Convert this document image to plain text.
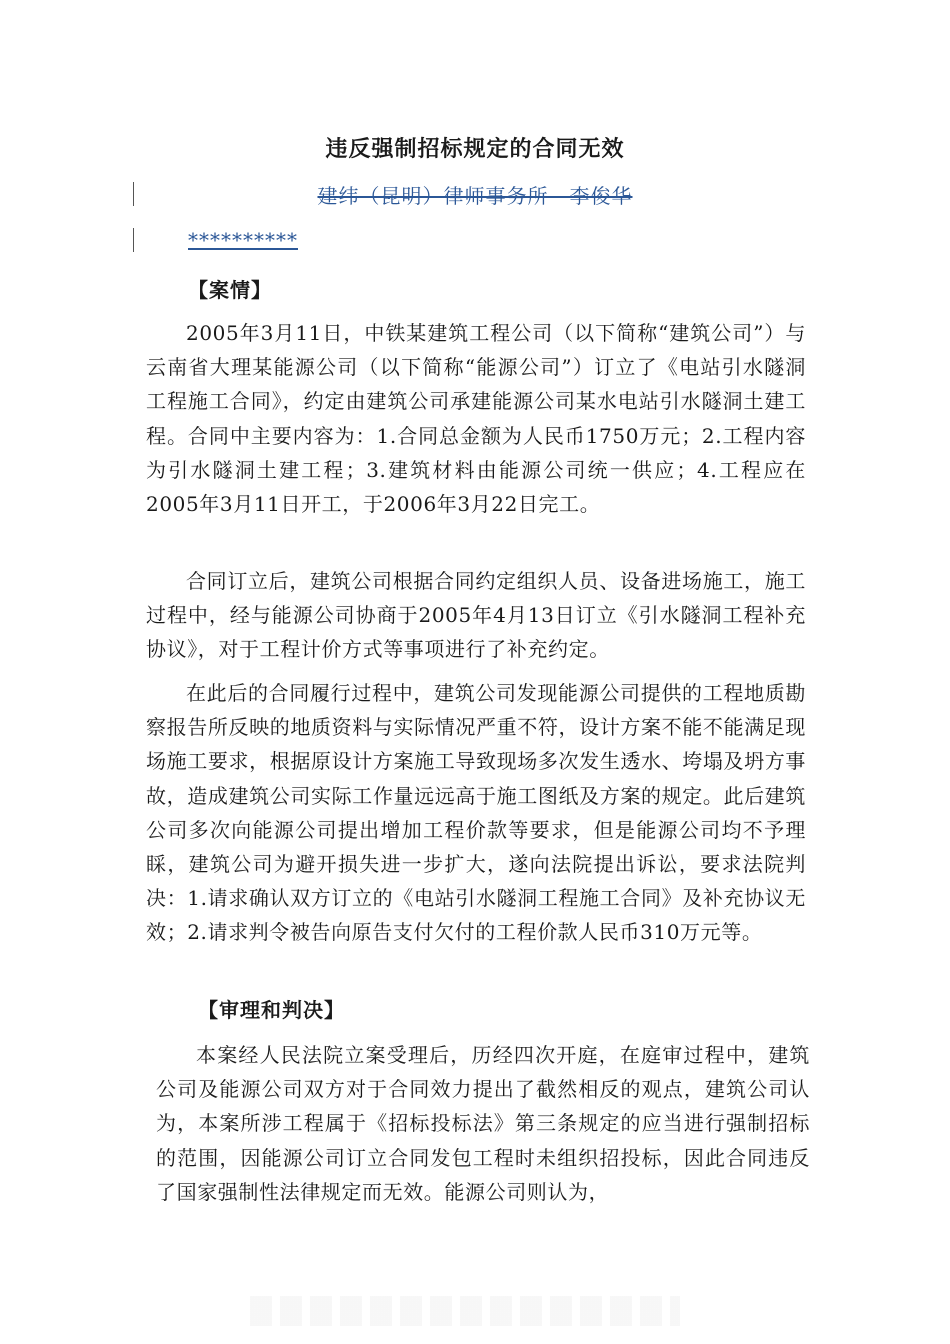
违反强制招标规定的合同无效
建纬（昆明）律师事务所　李俊华
**********
【案情】

2005年3月11日，中铁某建筑工程公司（以下简称“建筑公司”）与云南省大理某能源公司（以下简称“能源公司”）订立了《电站引水隧洞工程施工合同》，约定由建筑公司承建能源公司某水电站引水隧洞土建工程。合同中主要内容为：1.合同总金额为人民币1750万元；2.工程内容为引水隧洞土建工程；3.建筑材料由能源公司统一供应；4.工程应在2005年3月11日开工，于2006年3月22日完工。

合同订立后，建筑公司根据合同约定组织人员、设备进场施工，施工过程中，经与能源公司协商于2005年4月13日订立《引水隧洞工程补充协议》，对于工程计价方式等事项进行了补充约定。

在此后的合同履行过程中，建筑公司发现能源公司提供的工程地质勘察报告所反映的地质资料与实际情况严重不符，设计方案不能不能满足现场施工要求，根据原设计方案施工导致现场多次发生透水、垮塌及坍方事故，造成建筑公司实际工作量远远高于施工图纸及方案的规定。此后建筑公司多次向能源公司提出增加工程价款等要求，但是能源公司均不予理睬，建筑公司为避开损失进一步扩大，遂向法院提出诉讼，要求法院判决：1.请求确认双方订立的《电站引水隧洞工程施工合同》及补充协议无效；2.请求判令被告向原告支付欠付的工程价款人民币310万元等。

【审理和判决】

本案经人民法院立案受理后，历经四次开庭，在庭审过程中，建筑公司及能源公司双方对于合同效力提出了截然相反的观点，建筑公司认为，本案所涉工程属于《招标投标法》第三条规定的应当进行强制招标的范围，因能源公司订立合同发包工程时未组织招投标，因此合同违反了国家强制性法律规定而无效。能源公司则认为，
